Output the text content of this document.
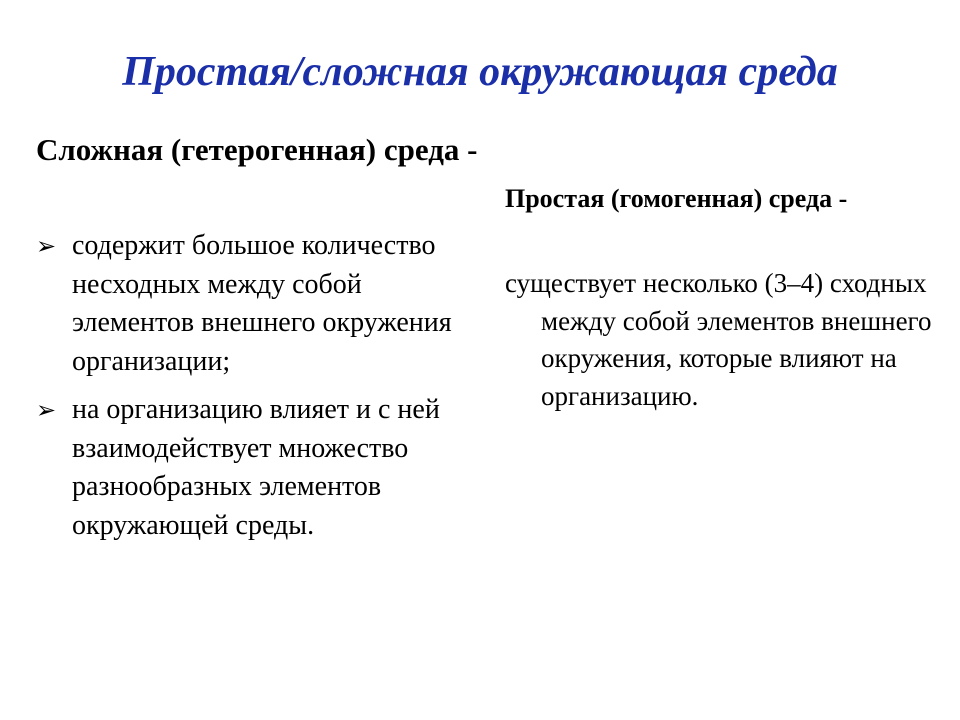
Простая/сложная окружающая среда
Сложная (гетерогенная) среда -
➢ содержит большое количество несходных между собой элементов внешнего окружения организации;
➢ на организацию влияет и с ней взаимодействует множество разнообразных элементов окружающей среды.
Простая (гомогенная) среда -
существует несколько (3–4) сходных между собой элементов внешнего окружения, которые влияют на организацию.
